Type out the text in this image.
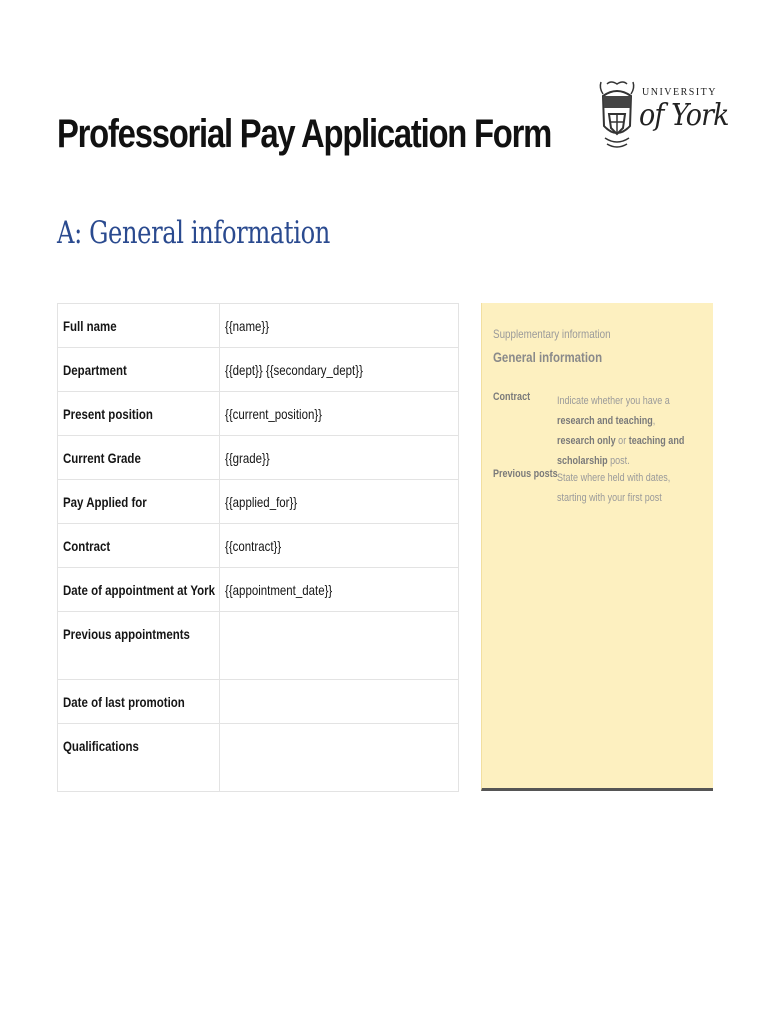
Professorial Pay Application Form
UNIVERSITY
of York
A: General information
Full name	{{name}}
Department	{{dept}} {{secondary_dept}}
Present position	{{current_position}}
Current Grade	{{grade}}
Pay Applied for	{{applied_for}}
Contract	{{contract}}
Date of appointment at York	{{appointment_date}}
Previous appointments	
Date of last promotion	
Qualifications	
Supplementary information
General information
Contract Indicate whether you have a research and teaching, research only or teaching and scholarship post.
Previous posts State where held with dates, starting with your first post
